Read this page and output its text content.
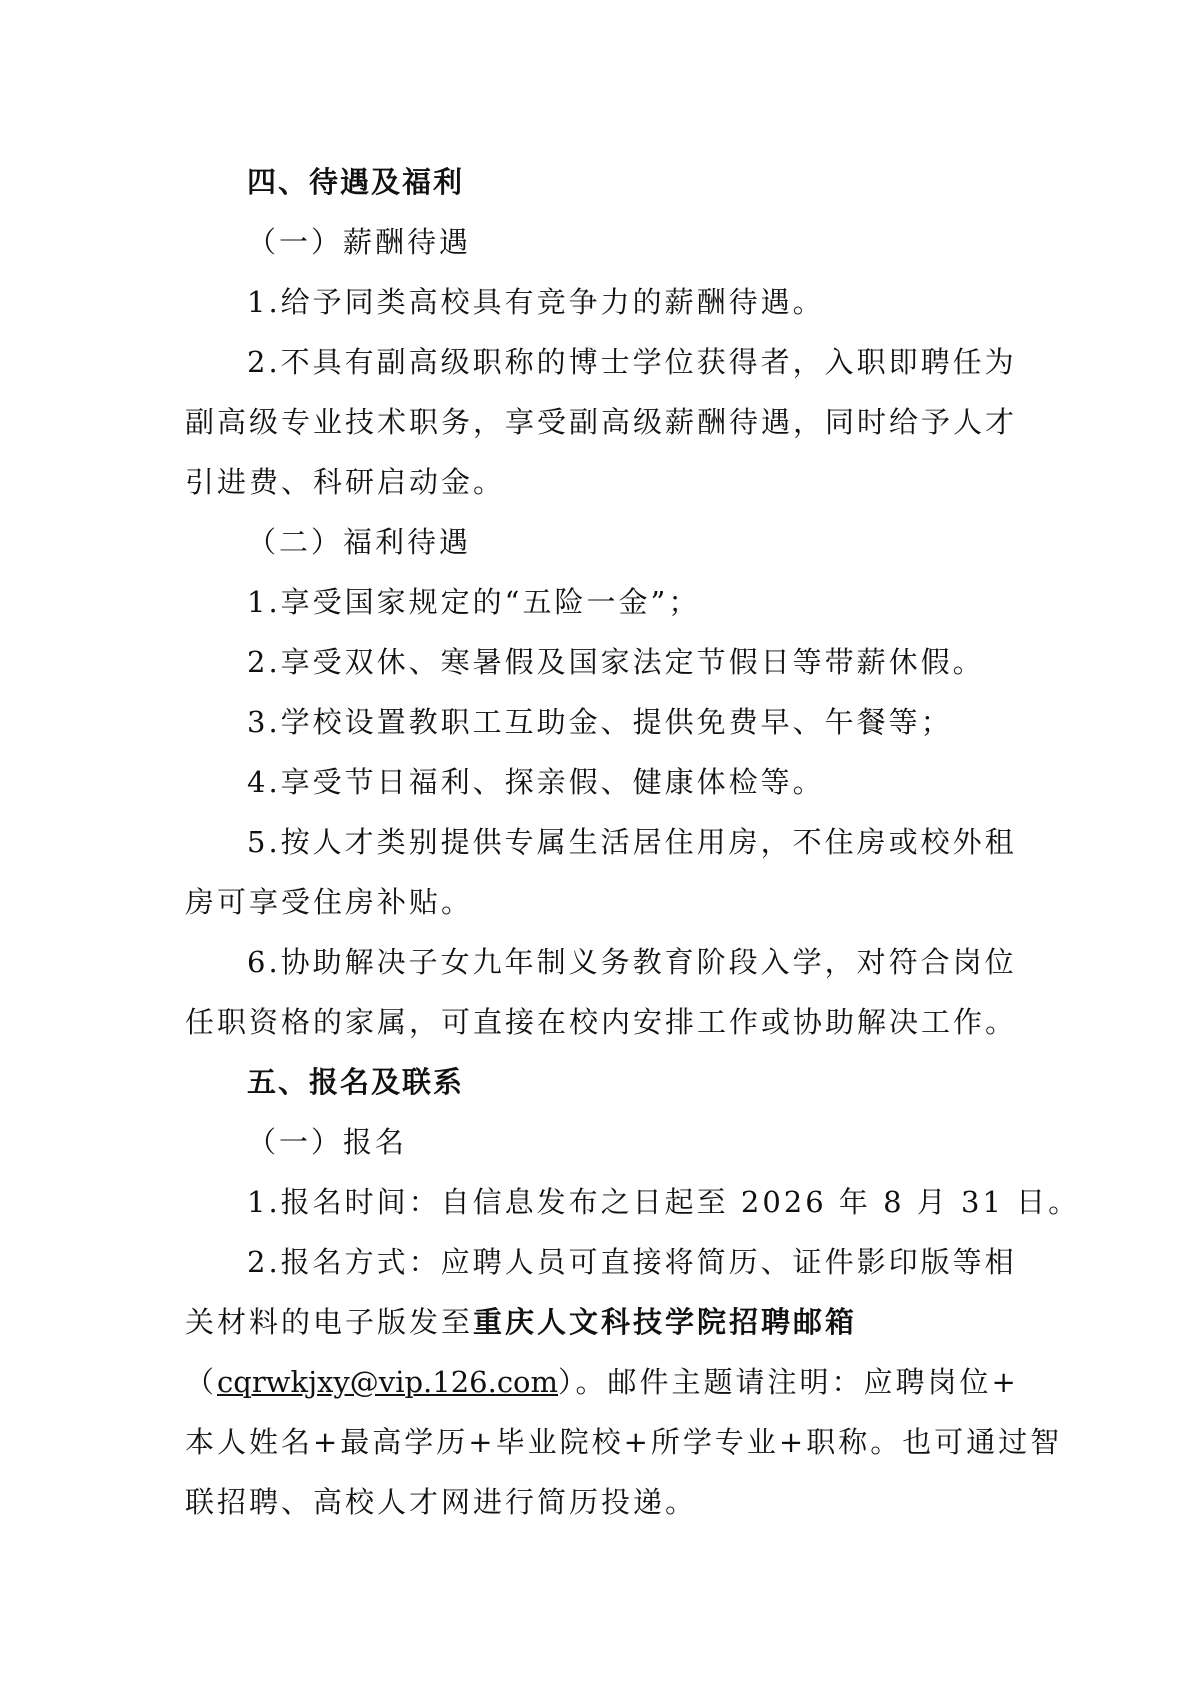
四、待遇及福利
（一）薪酬待遇
1.给予同类高校具有竞争力的薪酬待遇。
2.不具有副高级职称的博士学位获得者，入职即聘任为
副高级专业技术职务，享受副高级薪酬待遇，同时给予人才
引进费、科研启动金。
（二）福利待遇
1.享受国家规定的“五险一金”；
2.享受双休、寒暑假及国家法定节假日等带薪休假。
3.学校设置教职工互助金、提供免费早、午餐等；
4.享受节日福利、探亲假、健康体检等。
5.按人才类别提供专属生活居住用房，不住房或校外租
房可享受住房补贴。
6.协助解决子女九年制义务教育阶段入学，对符合岗位
任职资格的家属，可直接在校内安排工作或协助解决工作。
五、报名及联系
（一）报名
1.报名时间：自信息发布之日起至 2026 年 8 月 31 日。
2.报名方式：应聘人员可直接将简历、证件影印版等相
关材料的电子版发至重庆人文科技学院招聘邮箱
（cqrwkjxy@vip.126.com）。邮件主题请注明：应聘岗位+
本人姓名+最高学历+毕业院校+所学专业+职称。也可通过智
联招聘、高校人才网进行简历投递。
